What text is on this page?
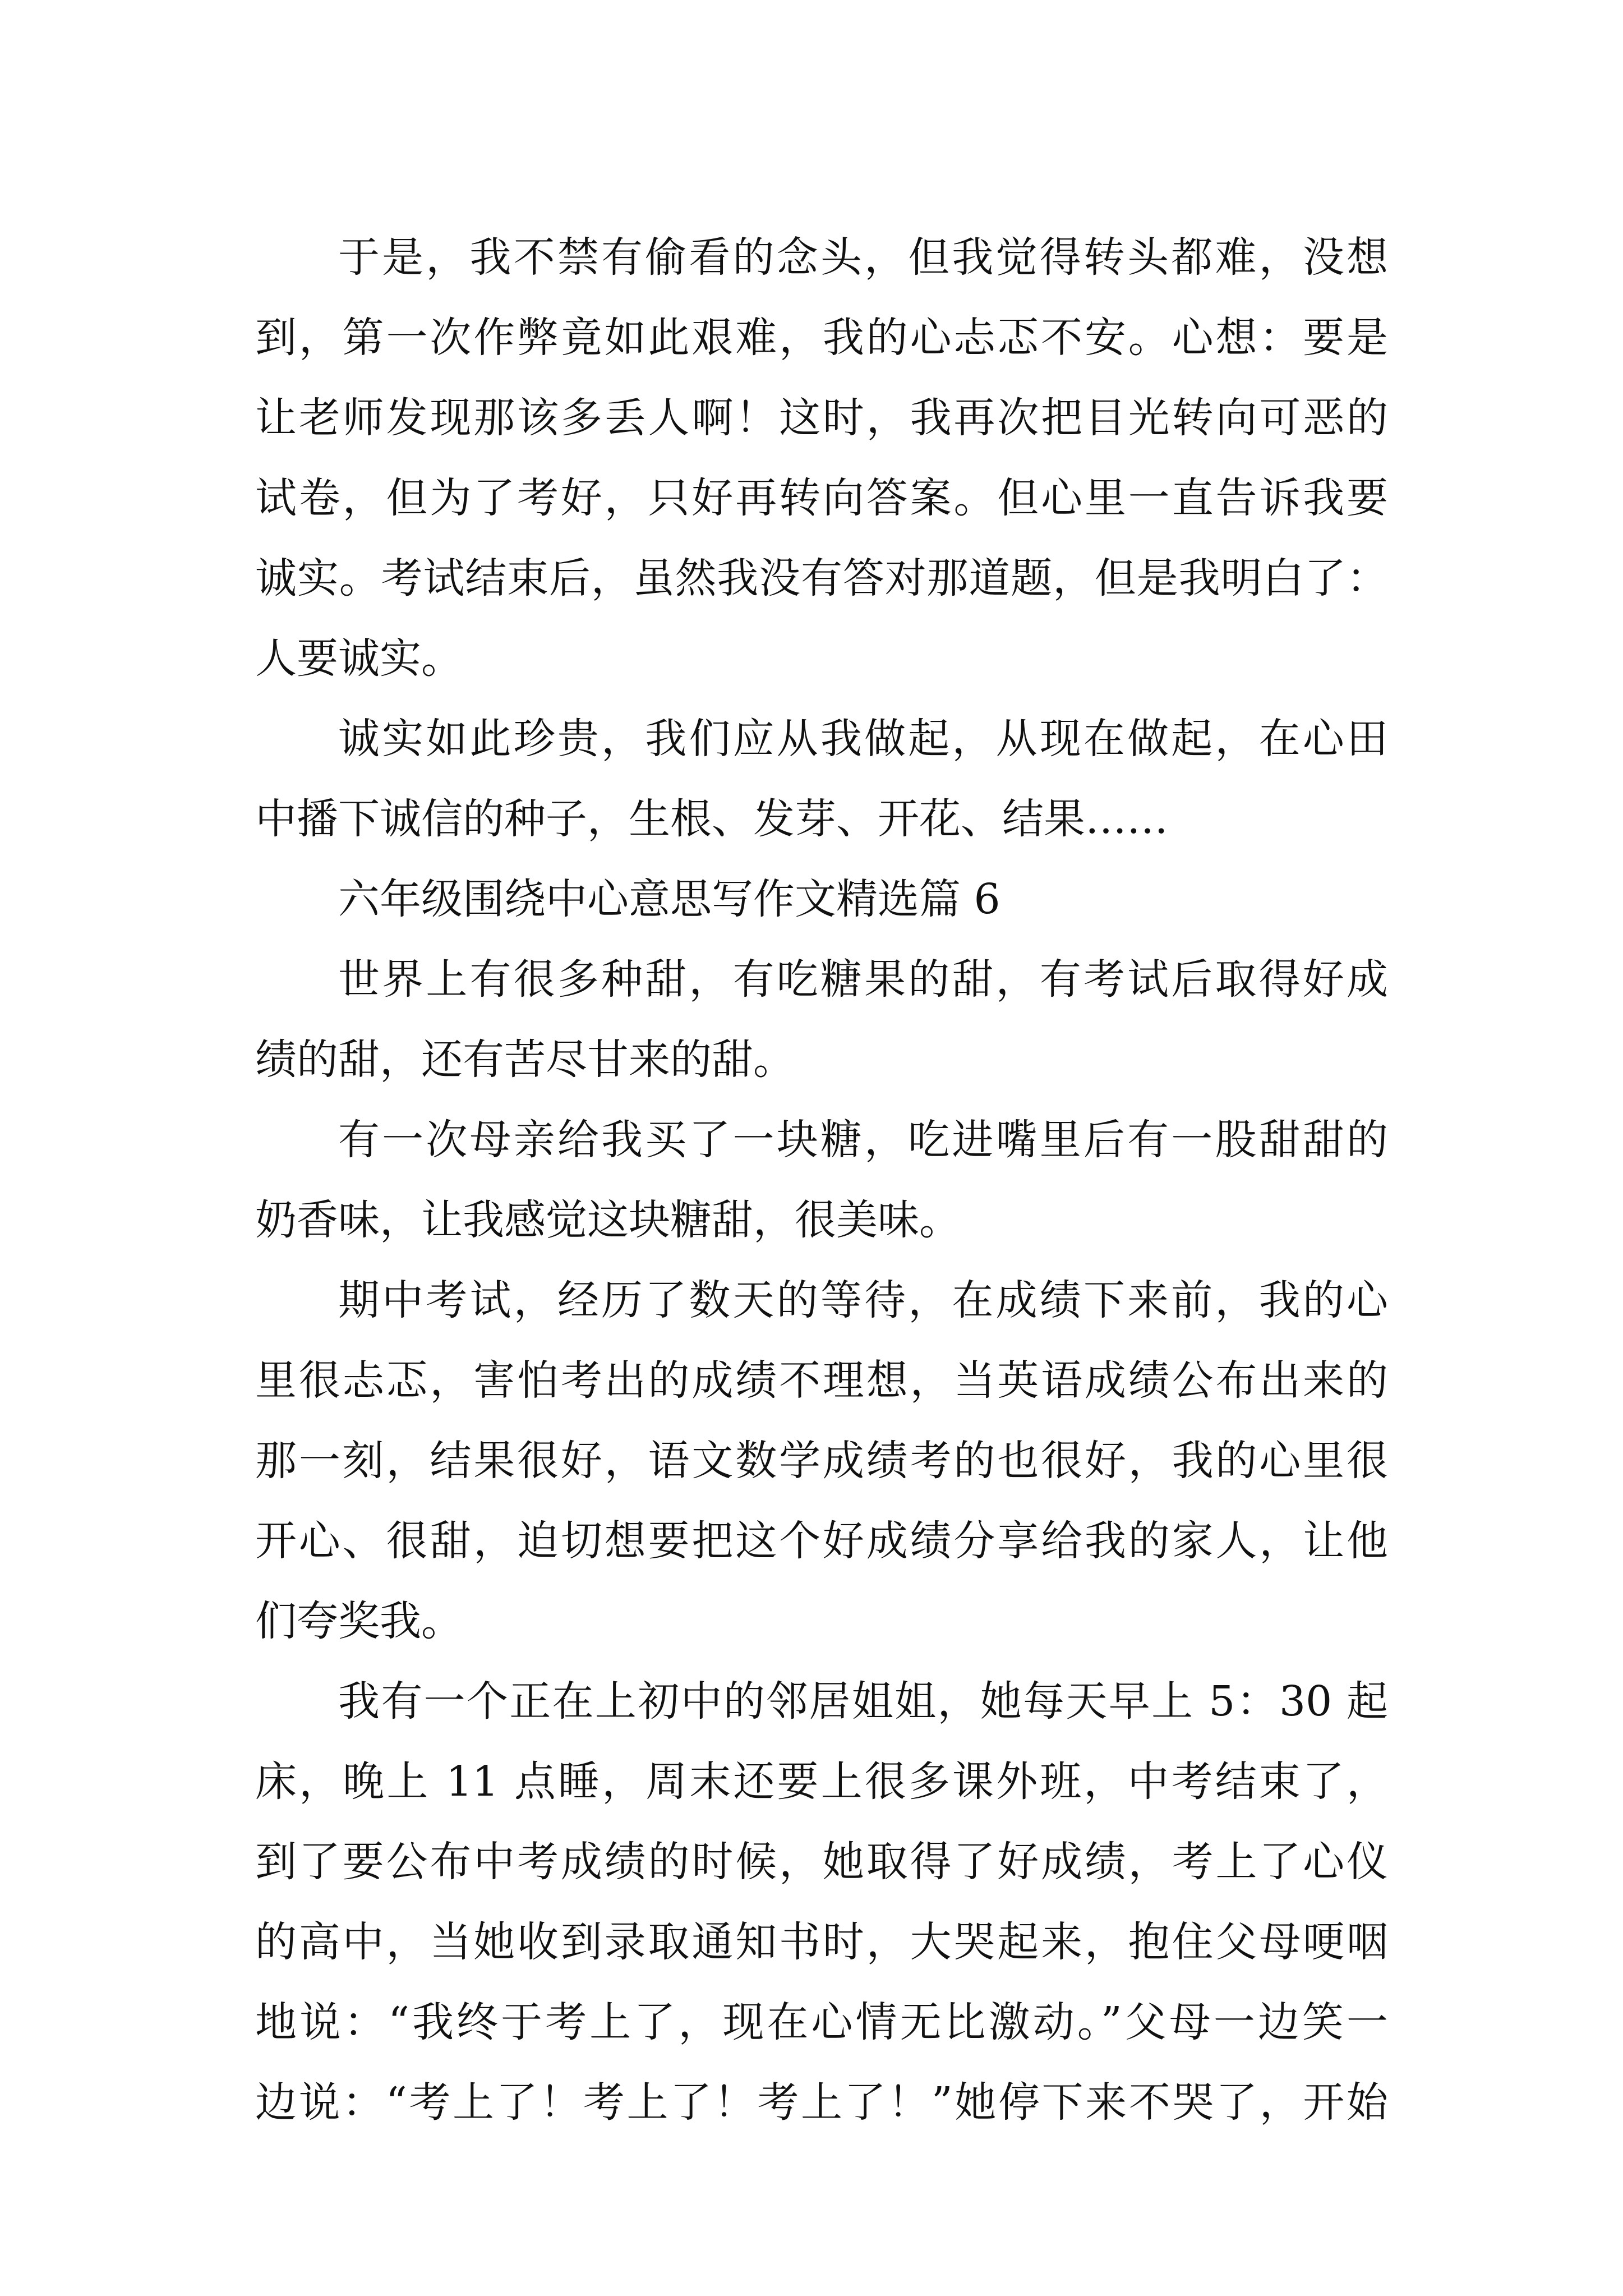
于是，我不禁有偷看的念头，但我觉得转头都难，没想
到，第一次作弊竟如此艰难，我的心忐忑不安。心想：要是
让老师发现那该多丢人啊！这时，我再次把目光转向可恶的
试卷，但为了考好，只好再转向答案。但心里一直告诉我要
诚实。考试结束后，虽然我没有答对那道题，但是我明白了：
人要诚实。
诚实如此珍贵，我们应从我做起，从现在做起，在心田
中播下诚信的种子，生根、发芽、开花、结果……
六年级围绕中心意思写作文精选篇 6
世界上有很多种甜，有吃糖果的甜，有考试后取得好成
绩的甜，还有苦尽甘来的甜。
有一次母亲给我买了一块糖，吃进嘴里后有一股甜甜的
奶香味，让我感觉这块糖甜，很美味。
期中考试，经历了数天的等待，在成绩下来前，我的心
里很忐忑，害怕考出的成绩不理想，当英语成绩公布出来的
那一刻，结果很好，语文数学成绩考的也很好，我的心里很
开心、很甜，迫切想要把这个好成绩分享给我的家人，让他
们夸奖我。
我有一个正在上初中的邻居姐姐，她每天早上 5：30 起
床，晚上 11 点睡，周末还要上很多课外班，中考结束了，
到了要公布中考成绩的时候，她取得了好成绩，考上了心仪
的高中，当她收到录取通知书时，大哭起来，抱住父母哽咽
地说：“我终于考上了，现在心情无比激动。”父母一边笑一
边说：“考上了！考上了！考上了！”她停下来不哭了，开始
